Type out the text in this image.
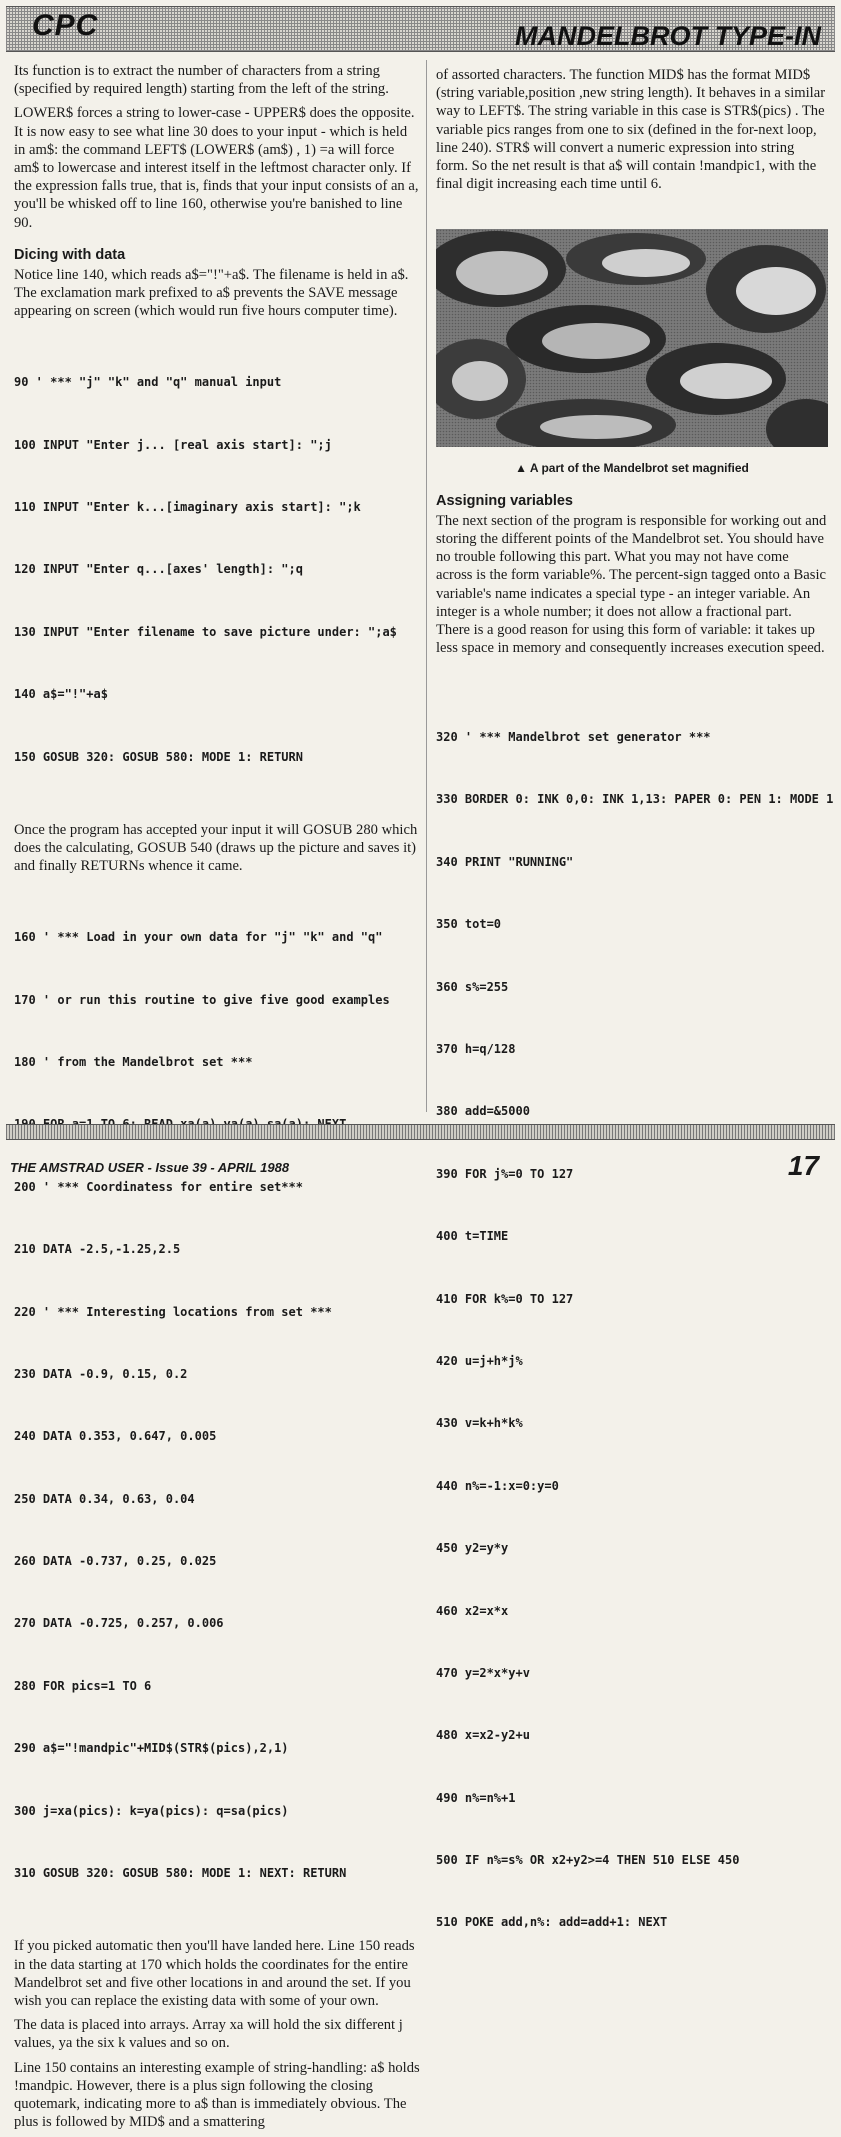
CPC	MANDELBROT TYPE-IN

Its function is to extract the number of characters from a string (specified by required length) starting from the left of the string.

LOWER$ forces a string to lower-case - UPPER$ does the opposite. It is now easy to see what line 30 does to your input - which is held in am$: the command LEFT$ (LOWER$ (am$) , 1) =a will force am$ to lowercase and interest itself in the leftmost character only. If the expression falls true, that is, finds that your input consists of an a, you'll be whisked off to line 160, otherwise you're banished to line 90.

Dicing with data

Notice line 140, which reads a$="!"+a$. The filename is held in a$. The exclamation mark prefixed to a$ prevents the SAVE message appearing on screen (which would run five hours computer time).

90 ' *** "j" "k" and "q" manual input

100 INPUT "Enter j... [real axis start]: ";j

110 INPUT "Enter k...[imaginary axis start]: ";k

120 INPUT "Enter q...[axes' length]: ";q

130 INPUT "Enter filename to save picture under: ";a$

140 a$="!"+a$

150 GOSUB 320: GOSUB 580: MODE 1: RETURN

Once the program has accepted your input it will GOSUB 280 which does the calculating, GOSUB 540 (draws up the picture and saves it) and finally RETURNs whence it came.

160 ' *** Load in your own data for "j" "k" and "q"

170 ' or run this routine to give five good examples

180 ' from the Mandelbrot set ***

200 ' *** Coordinatess for entire set***

210 DATA -2.5,-1.25,2.5

220 ' *** Interesting locations from set ***

230 DATA -0.9, 0.15, 0.2

240 DATA 0.353, 0.647, 0.005

250 DATA 0.34, 0.63, 0.04

260 DATA -0.737, 0.25, 0.025

270 DATA -0.725, 0.257, 0.006

280 FOR pics=1 TO 6

290 a$="!mandpic"+MID$(STR$(pics),2,1)

300 j=xa(pics): k=ya(pics): q=sa(pics)

310 GOSUB 320: GOSUB 580: MODE 1: NEXT: RETURN

If you picked automatic then you'll have landed here. Line 150 reads in the data starting at 170 which holds the coordinates for the entire Mandelbrot set and five other locations in and around the set. If you wish you can replace the existing data with some of your own.

The data is placed into arrays. Array xa will hold the six different j values, ya the six k values and so on.

Line 150 contains an interesting example of string-handling: a$ holds !mandpic. However, there is a plus sign following the closing quotemark, indicating more to a$ than is immediately obvious. The plus is followed by MID$ and a smattering

of assorted characters. The function MID$ has the format MID$ (string variable,position ,new string length). It behaves in a similar way to LEFT$. The string variable in this case is STR$(pics) . The variable pics ranges from one to six (defined in the for-next loop, line 240). STR$ will convert a numeric expression into string form. So the net result is that a$ will contain !mandpic1, with the final digit increasing each time until 6.

▲ A part of the Mandelbrot set magnified
Assigning variables

The next section of the program is responsible for working out and storing the different points of the Mandelbrot set. You should have no trouble following this part. What you may not have come across is the form variable%. The percent-sign tagged onto a Basic variable's name indicates a special type - an integer variable. An integer is a whole number; it does not allow a fractional part. There is a good reason for using this form of variable: it takes up less space in memory and consequently increases execution speed.

320 ' *** Mandelbrot set generator ***

330 BORDER 0: INK 0,0: INK 1,13: PAPER 0: PEN 1: MODE 1

340 PRINT "RUNNING"

350 tot=0

360 s%=255

370 h=q/128

380 add=&5000

390 FOR j%=0 TO 127

400 t=TIME

410 FOR k%=0 TO 127

420 u=j+h*j%

430 v=k+h*k%

440 n%=-1:x=0:y=0

450 y2=y*y

460 x2=x*x

470 y=2*x*y+v

480 x=x2-y2+u

490 n%=n%+1

500 IF n%=s% OR x2+y2>=4 THEN 510 ELSE 450

510 POKE add,n%: add=add+1: NEXT

THE AMSTRAD USER - Issue 39 - APRIL 1988	17
